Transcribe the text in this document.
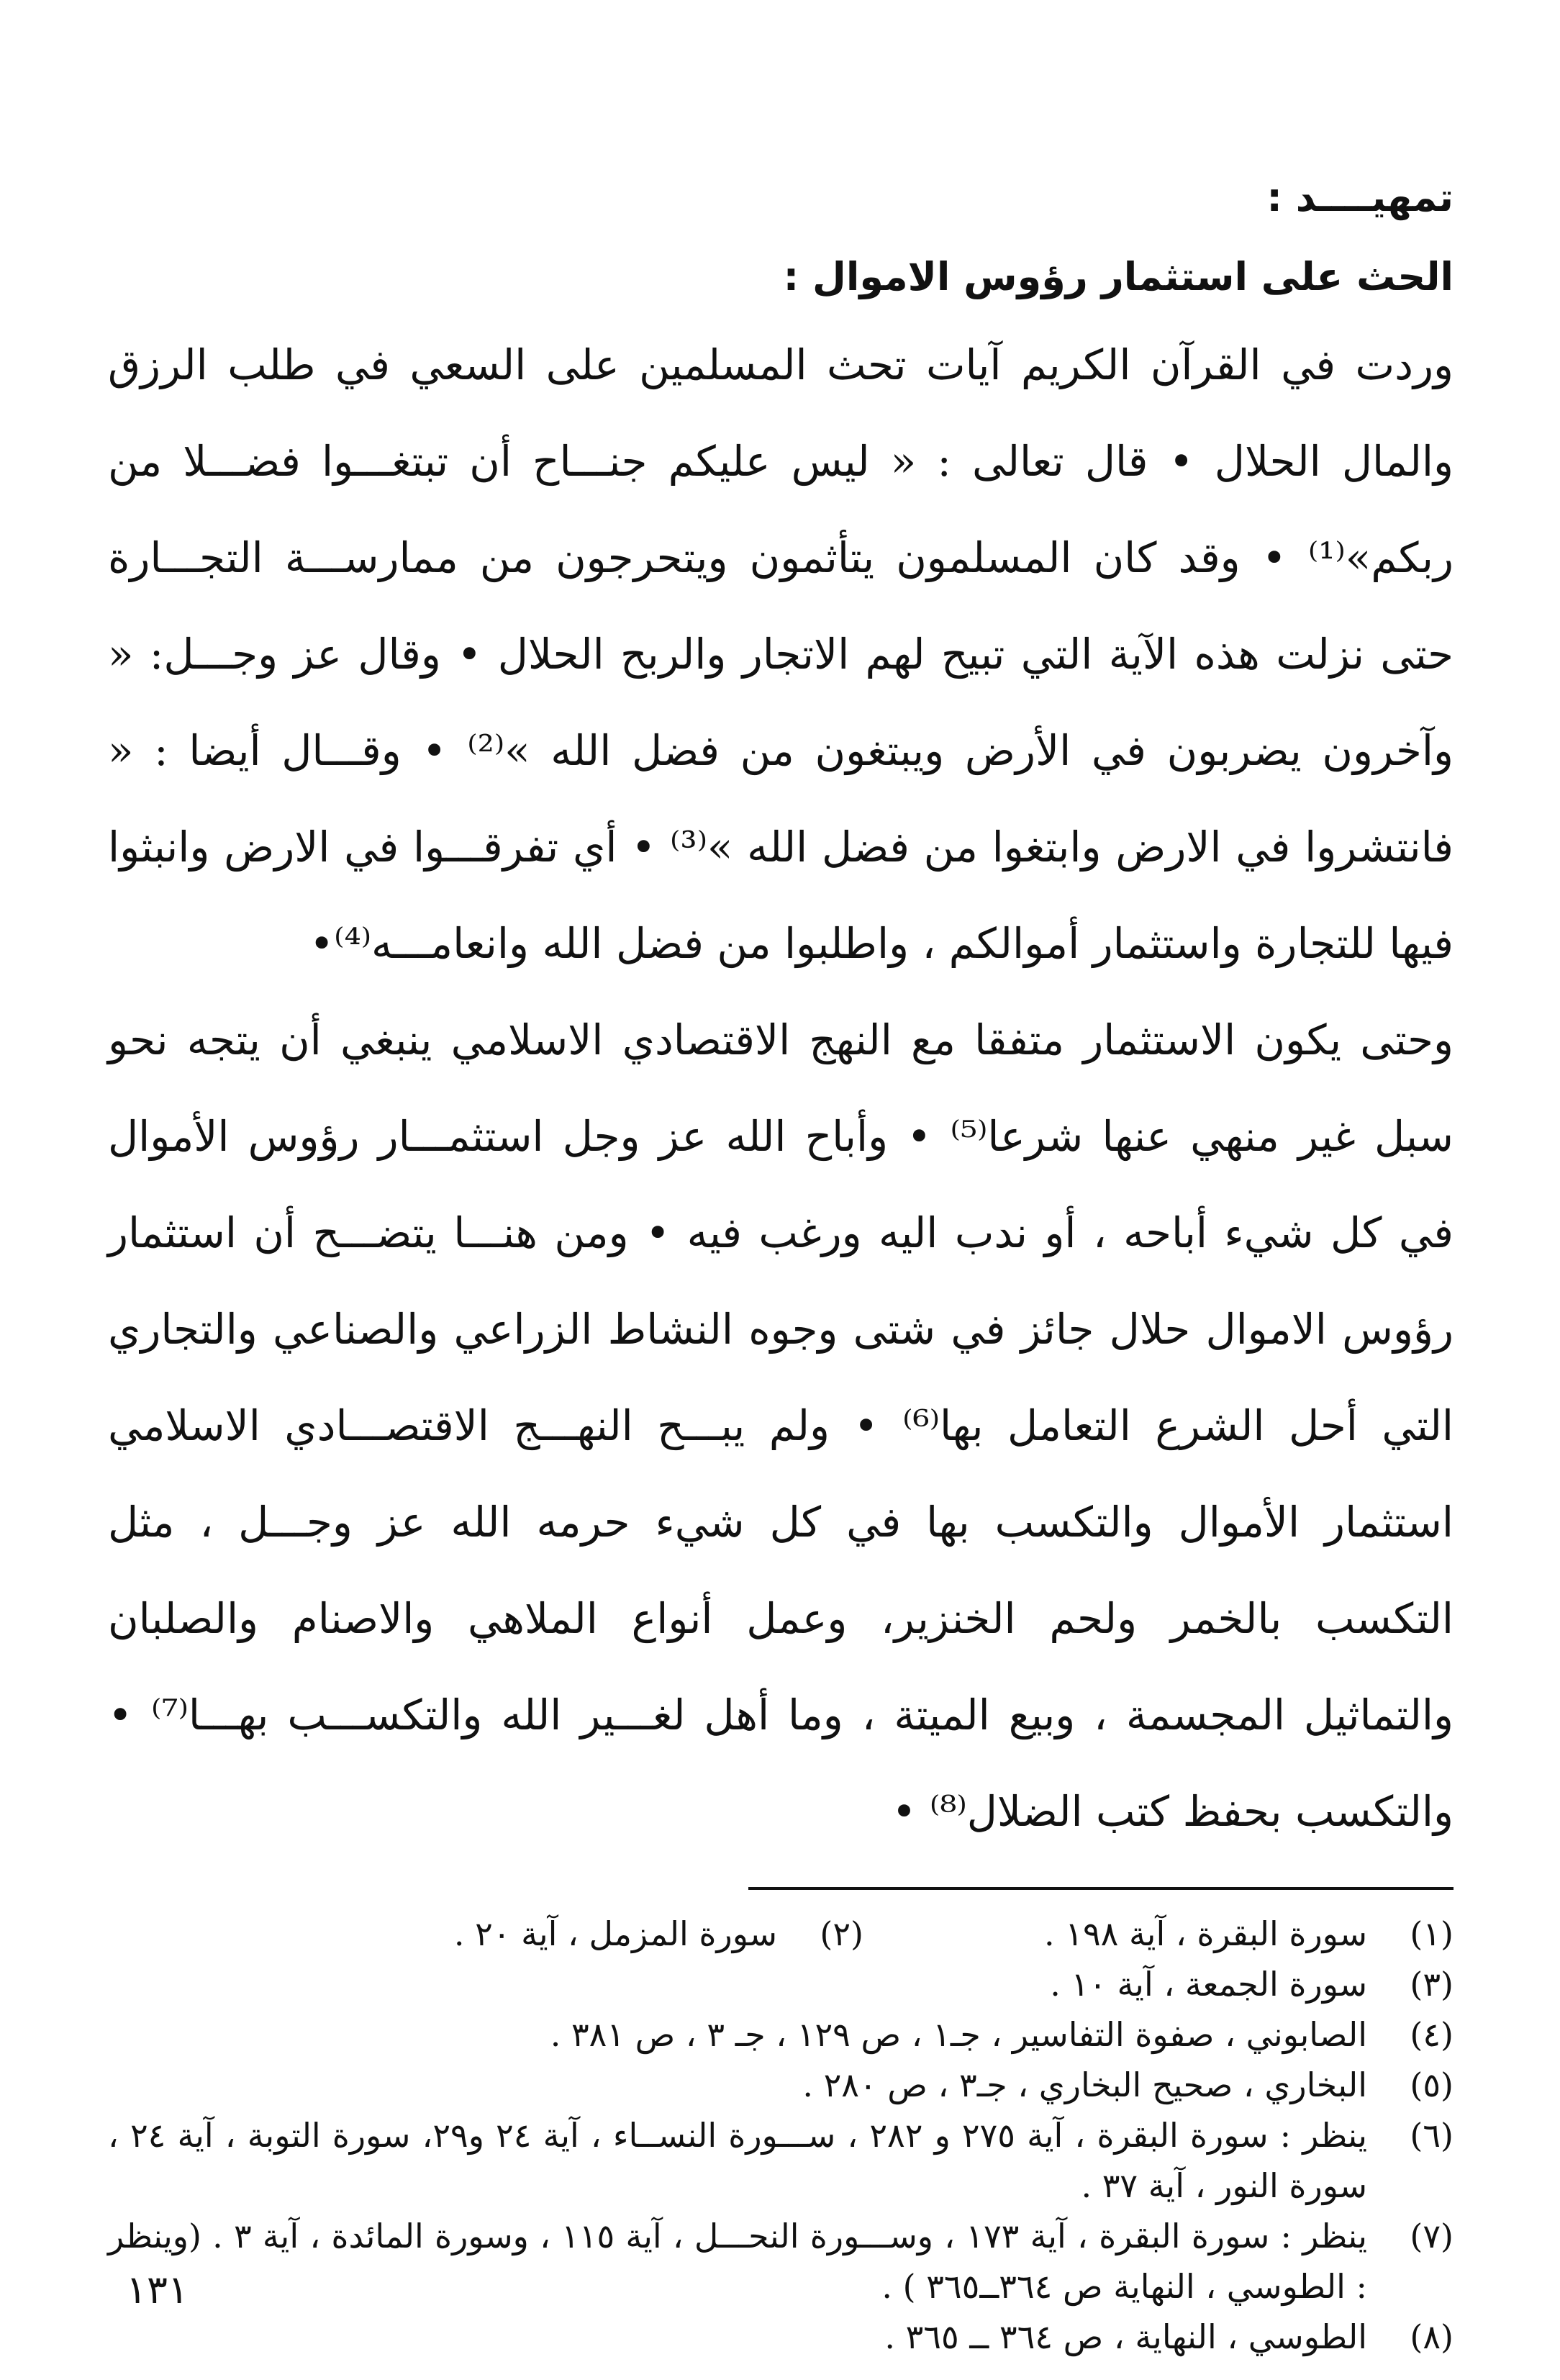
تمهيــــد :
الحث على استثمار رؤوس الاموال :

وردت في القرآن الكريم آيات تحث المسلمين على السعي في طلب الرزق والمال الحلال • قال تعالى : « ليس عليكم جنـــاح أن تبتغـــوا فضـــلا من ربكم»⁽¹⁾ • وقد كان المسلمون يتأثمون ويتحرجون من ممارســـة التجـــارة حتى نزلت هذه الآية التي تبيح لهم الاتجار والربح الحلال • وقال عز وجـــل: « وآخرون يضربون في الأرض ويبتغون من فضل الله »⁽²⁾ • وقـــال أيضا : « فانتشروا في الارض وابتغوا من فضل الله »⁽³⁾ • أي تفرقـــوا في الارض وانبثوا فيها للتجارة واستثمار أموالكم ، واطلبوا من فضل الله وانعامـــه⁽⁴⁾•

وحتى يكون الاستثمار متفقا مع النهج الاقتصادي الاسلامي ينبغي أن يتجه نحو سبل غير منهي عنها شرعا⁽⁵⁾ • وأباح الله عز وجل استثمـــار رؤوس الأموال في كل شيء أباحه ، أو ندب اليه ورغب فيه • ومن هنـــا يتضـــح أن استثمار رؤوس الاموال حلال جائز في شتى وجوه النشاط الزراعي والصناعي والتجاري التي أحل الشرع التعامل بها⁽⁶⁾ • ولم يبـــح النهـــج الاقتصـــادي الاسلامي استثمار الأموال والتكسب بها في كل شيء حرمه الله عز وجـــل ، مثل التكسب بالخمر ولحم الخنزير، وعمل أنواع الملاهي والاصنام والصلبان والتماثيل المجسمة ، وبيع الميتة ، وما أهل لغـــير الله والتكســـب بهـــا⁽⁷⁾ • والتكسب بحفظ كتب الضلال⁽⁸⁾ •

(١)
سورة البقرة ، آية ١٩٨ .
(٢)
سورة المزمل ، آية ٢٠ .
(٣)
سورة الجمعة ، آية ١٠ .
(٤)
الصابوني ، صفوة التفاسير ، جـ١ ، ص ١٢٩ ، جـ ٣ ، ص ٣٨١ .
(٥)
البخاري ، صحيح البخاري ، جـ٣ ، ص ٢٨٠ .
(٦)
ينظر : سورة البقرة ، آية ٢٧٥ و ٢٨٢ ، ســـورة النســاء ، آية ٢٤ و٢٩، سورة التوبة ، آية ٢٤ ، سورة النور ، آية ٣٧ .
(٧)
ينظر : سورة البقرة ، آية ١٧٣ ، وســـورة النحـــل ، آية ١١٥ ، وسورة المائدة ، آية ٣ . (وينظر : الطوسي ، النهاية ص ٣٦٤ــ٣٦٥ ) .
(٨)
الطوسي ، النهاية ، ص ٣٦٤ ــ ٣٦٥ .
١٣١
